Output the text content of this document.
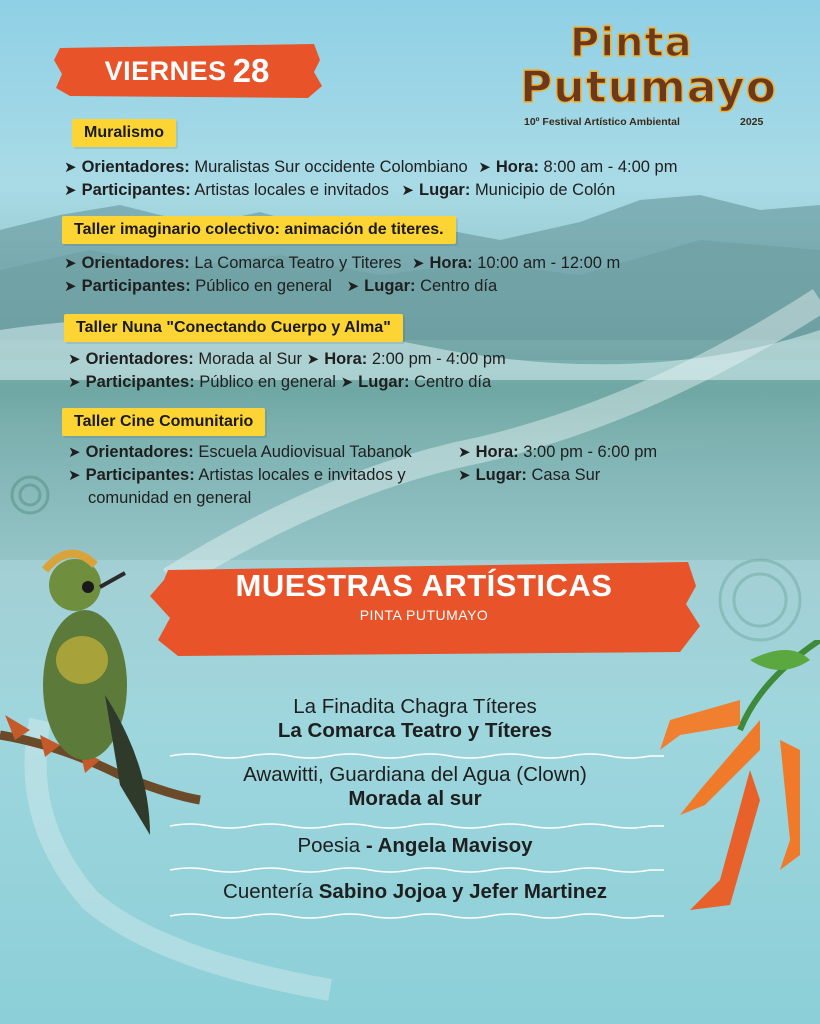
VIERNES 28
Pinta
Putumayo
10º Festival Artístico Ambiental	2025
Muralismo
➤ Orientadores: Muralistas Sur occidente Colombiano ➤ Hora: 8:00 am - 4:00 pm
➤ Participantes: Artistas locales e invitados ➤ Lugar: Municipio de Colón
Taller imaginario colectivo: animación de titeres.
➤ Orientadores: La Comarca Teatro y Titeres ➤ Hora: 10:00 am - 12:00 m
➤ Participantes: Público en general ➤ Lugar: Centro día
Taller Nuna "Conectando Cuerpo y Alma"
➤ Orientadores: Morada al Sur ➤ Hora: 2:00 pm - 4:00 pm
➤ Participantes: Público en general ➤ Lugar: Centro día
Taller Cine Comunitario
➤ Orientadores: Escuela Audiovisual Tabanok	➤ Hora: 3:00 pm - 6:00 pm
➤ Participantes: Artistas locales e invitados y
comunidad en general
➤ Lugar: Casa Sur
MUESTRAS ARTÍSTICAS
PINTA PUTUMAYO
La Finadita Chagra Títeres
La Comarca Teatro y Títeres
Awawitti, Guardiana del Agua (Clown)
Morada al sur
Poesia - Angela Mavisoy
Cuentería Sabino Jojoa y Jefer Martinez
